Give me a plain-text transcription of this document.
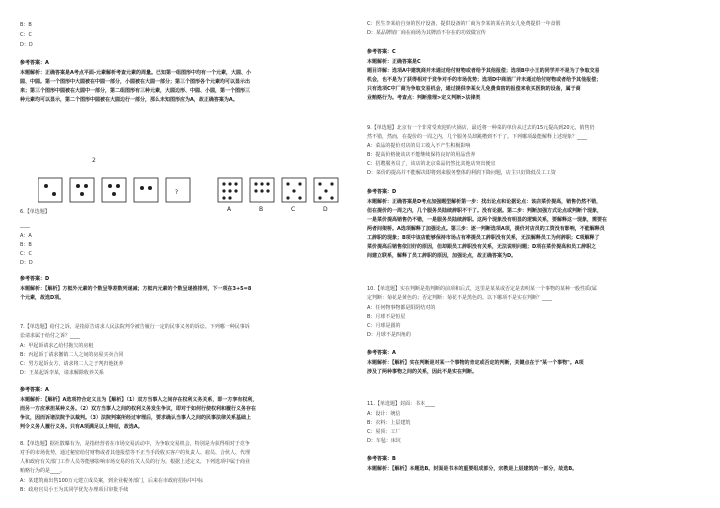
B：B
C：C
D：D
参考答案：A
本题解析：正确答案是A考点平面-元素解析考查元素的周量。已知第一组图形中均有一个元素，大圆、小
圆、中圆。第一个图形中大圆被在中圆一部分，小圆被在大圆一部分；第三个图形各个元素均可以显示出
来；第三个图形中圆被在大圆中一部分，第二组图形有三种元素，大圆边形、中圆、小圆，第一个图形三
种元素均可以显示，第二个图形中圆被在大圆边行一部分，那么未知图形应为A，故正确答案为A。
2
?
A	B	C	D
6.【单选题】
____
A：A
B：B
C：C
D：D
参考答案：D
本题解析：【解析】方框外元素的个数呈等差数列递减；方框内元素的个数呈递推排列，下一项在3+5=8
个元素，故选D项。
7.【单选题】给付之诉，是指原告请求人民法院判令被告履行一定的民事义务的诉讼。下列哪一种民事诉
讼请求属于给付之诉？____
A：甲起诉请求乙给付拖欠的房租
B：丙起诉丁请求撤销二人之间的房屋买卖合同
C：男方起诉女方，请求将二人之子判归他抚养
D：王某起诉李某，请求解除收养关系
参考答案：A
本题解析：【解析】A选项符合定义且为【解析】（1）双方当事人之间存在权利义务关系，即一方享有权利，
而另一方应承担某种义务。（2）双方当事人之间的权利义务发生争议，即对于如何行使权利和履行义务存在
争议，因而诉诸法院予以裁判。（3）法院判案所经过审理后，要求确认当事人之间的民事法律关系基础上
判令义务人履行义务。只有A项满足以上特征，故选A。
8.【单选题】据社散曝有为，是指经营者在市场交易活动中，为争取交易机会，特别是为获得相对于竞争
对手的市场优势，通过秘密给付财物或者其他报偿等不正当手段收买客户的负责人、雇员、合伙人、代理
人和政府有关部门工作人员等能够影响市场交易的有关人员的行为。根据上述定义，下列选项中属于商业
贿赂行为的是____。
A：某建筑商出售100万元建立成员案，到企业税务部门，后来在市政府招标中中标
B：政府官员小王为其同学优先办理项目审批手续
C：医生李某给自身的医疗设备，提供设备的厂商为李某的某在的女儿免费提供一年食假
D：某品牌销厂商在商场为其牌消不存在的功效做宣传
参考答案：C
本题解析：正确答案是C
题目详解：选项A中建筑商并未通过给付财物或者给予其他报偿；选项B中小王的同学并不是为了争取交易
机会，也不是为了获得相对于竞争对手的市场优势；选项D中商消厂并未通过给付财物或者给予其他报偿；
只有选项C中厂商为争取交易机会，通过提供李某女儿免费食宿的报偿来收买医院的设备，属于商
业贿赂行为。考查点：判断推理>定义判断>法律类
9.【单选题】北京有一个非常受欢迎的火锅店，最近将一种菜的单价从过去的15元提高到20元，销售仍
然不错，然而，在提价的一周之内，几个服务员却跳槽到不干了。下列哪项最能解释上述现象？____
A：菜品的提价对店的员工收入不产生积极影响
B：提高价格使该店不能继续保持良好的用品营养
C：招聘服务员了，该店的北京菜品仍然比其他店突出便宜
D：菜价的提高并不能解决即将到来服务整体的利润下降问题，店主只好降低员工工资
参考答案：D
本题解析：正确答案是D考点加强题型解析第一步：找出论点和论据论点：该店菜价提高，销售仍然不错，
但在提价的一周之内，几个服务员陆续辞职不干了。没有论据。第二步：判断加强方式论点或判断个现象，
一是菜价提高销售仍不错，一是服务员陆续辞职。这两个现象没有明显的逻辑关系，要解释这一现象，需要在
两者间架桥。A选项解释了加强论点。第三步：逐一判断选项A项，提价对店员的工资没有影响，不能解释员
工辞职的现象；B项中该店能够保持市场占有率提员工辞职没有关系，无法解释员工为何辞职；C项解释了
菜价提高后销售依旧好的原因，但却跟员工辞职没有关系，无法说明问题；D项在菜价提高和员工辞职之
间建立联系，解释了员工辞职的原因，加强论点，故正确答案为D。
10.【单选题】实在判断是指判断的前项和后式，这里是某某或否定是表明某一个事物的某种一般性质(属
定判断：菊花是黄色的；否定判断：菊花不是黑色的。以下哪项不是实在判断？____
A：任何物事物都是阳阴结对的
B：月球不是恒星
C：月球是圆的
D：月球不是四角的
参考答案：A
本题解析：【解析】实在判断是对某一个事物的肯定或否定的判断，关键点在于"某一个事物"。A项
涉及了两种事物之间的关系，因此不是实在判断。
11.【单选题】封面：书本____
A：设计：统信
B：衣料：上层建筑
C：屋顶：工厂
D：车毡：床坑
参考答案：B
本题解析：【解析】本题选B。封面是书本的重要组成部分，宗教是上层建筑的一部分，故选B。
